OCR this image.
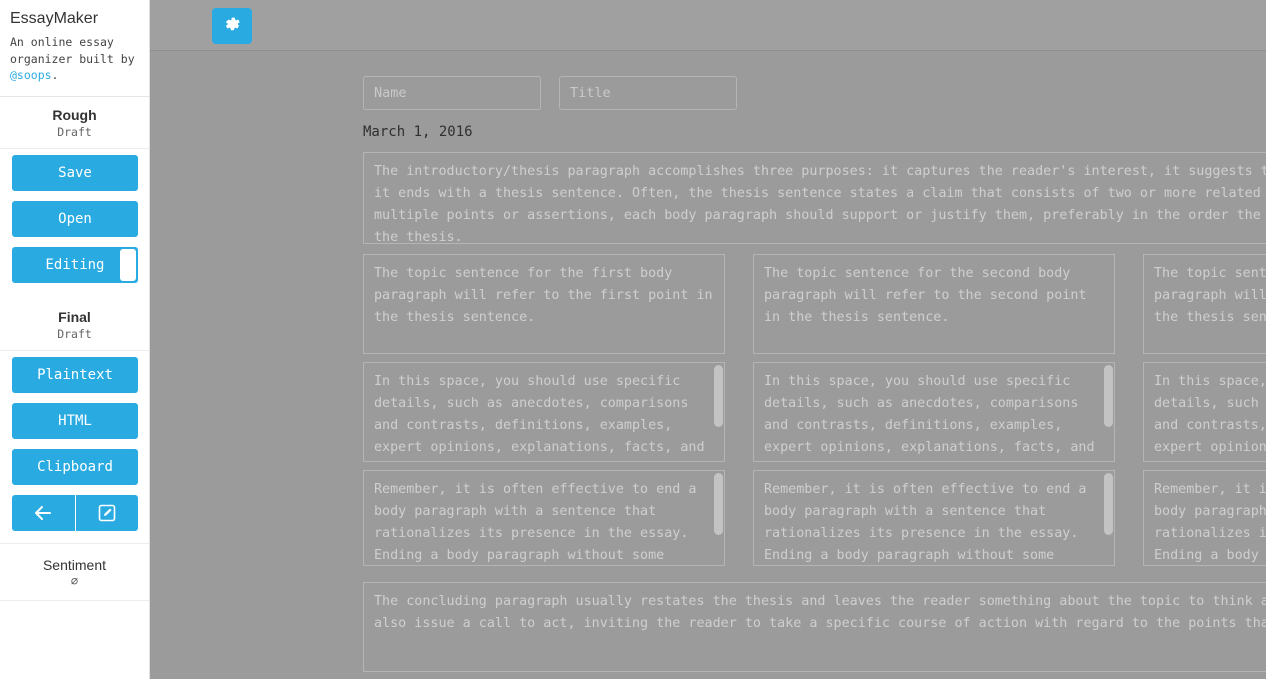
EssayMaker
An online essay organizer built by @soops.
Rough
Draft
Save
Open
Editing
Final
Draft
Plaintext
HTML
Clipboard
Sentiment
⌀
Name
Title
March 1, 2016
The introductory/thesis paragraph accomplishes three purposes: it captures the reader's interest, it suggests the importance of the topic, and it ends with a thesis sentence. Often, the thesis sentence states a claim that consists of two or more related points. If a thesis contains multiple points or assertions, each body paragraph should support or justify them, preferably in the order the assertions originally stated in the thesis.
The topic sentence for the first body paragraph will refer to the first point in the thesis sentence.
In this space, you should use specific details, such as anecdotes, comparisons and contrasts, definitions, examples, expert opinions, explanations, facts, and
Remember, it is often effective to end a body paragraph with a sentence that rationalizes its presence in the essay. Ending a body paragraph without some
The topic sentence for the second body paragraph will refer to the second point in the thesis sentence.
In this space, you should use specific details, such as anecdotes, comparisons and contrasts, definitions, examples, expert opinions, explanations, facts, and
Remember, it is often effective to end a body paragraph with a sentence that rationalizes its presence in the essay. Ending a body paragraph without some
The topic sentence for the third body paragraph will refer to the third point in the thesis sentence, if there is a
In this space, you should use specific details, such as anecdotes, comparisons and contrasts, definitions, examples, expert opinions, explanations, facts, and
Remember, it is often effective to end a body paragraph with a sentence that rationalizes its presence in the essay. Ending a body paragraph without some
The concluding paragraph usually restates the thesis and leaves the reader something about the topic to think about. If appropriate, it may also issue a call to act, inviting the reader to take a specific course of action with regard to the points that the essay presented.
